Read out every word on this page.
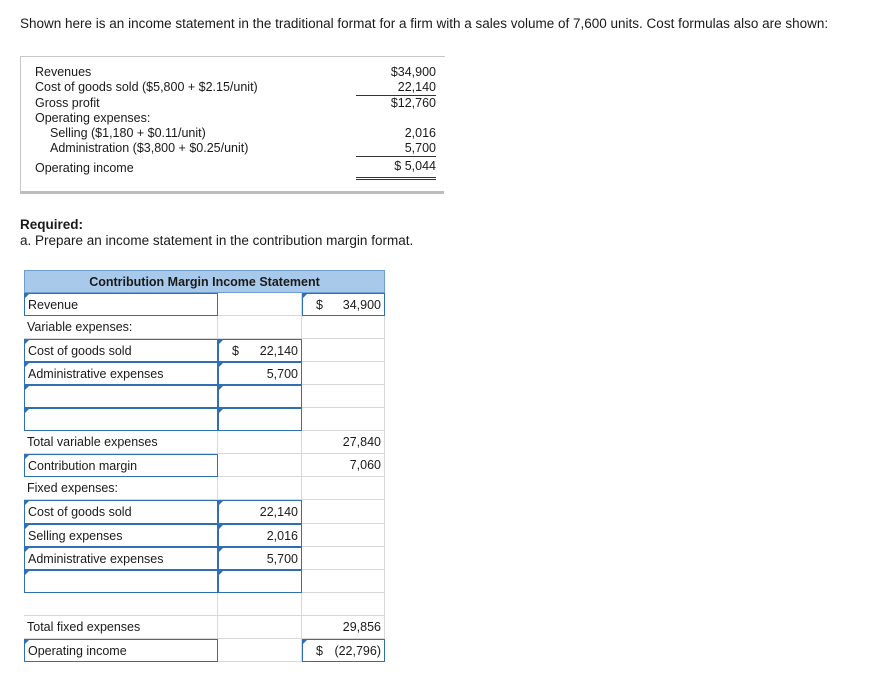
Shown here is an income statement in the traditional format for a firm with a sales volume of 7,600 units. Cost formulas also are shown:
Revenues	$34,900
Cost of goods sold ($5,800 + $2.15/unit)	22,140
Gross profit	$12,760
Operating expenses:
Selling ($1,180 + $0.11/unit)	2,016
Administration ($3,800 + $0.25/unit)	5,700
Operating income	$ 5,044
Required:
a. Prepare an income statement in the contribution margin format.
Contribution Margin Income Statement
Revenue	$ 34,900
Variable expenses:
Cost of goods sold	$ 22,140
Administrative expenses	5,700
Total variable expenses	27,840
Contribution margin	7,060
Fixed expenses:
Cost of goods sold	22,140
Selling expenses	2,016
Administrative expenses	5,700
Total fixed expenses	29,856
Operating income	$ (22,796)
